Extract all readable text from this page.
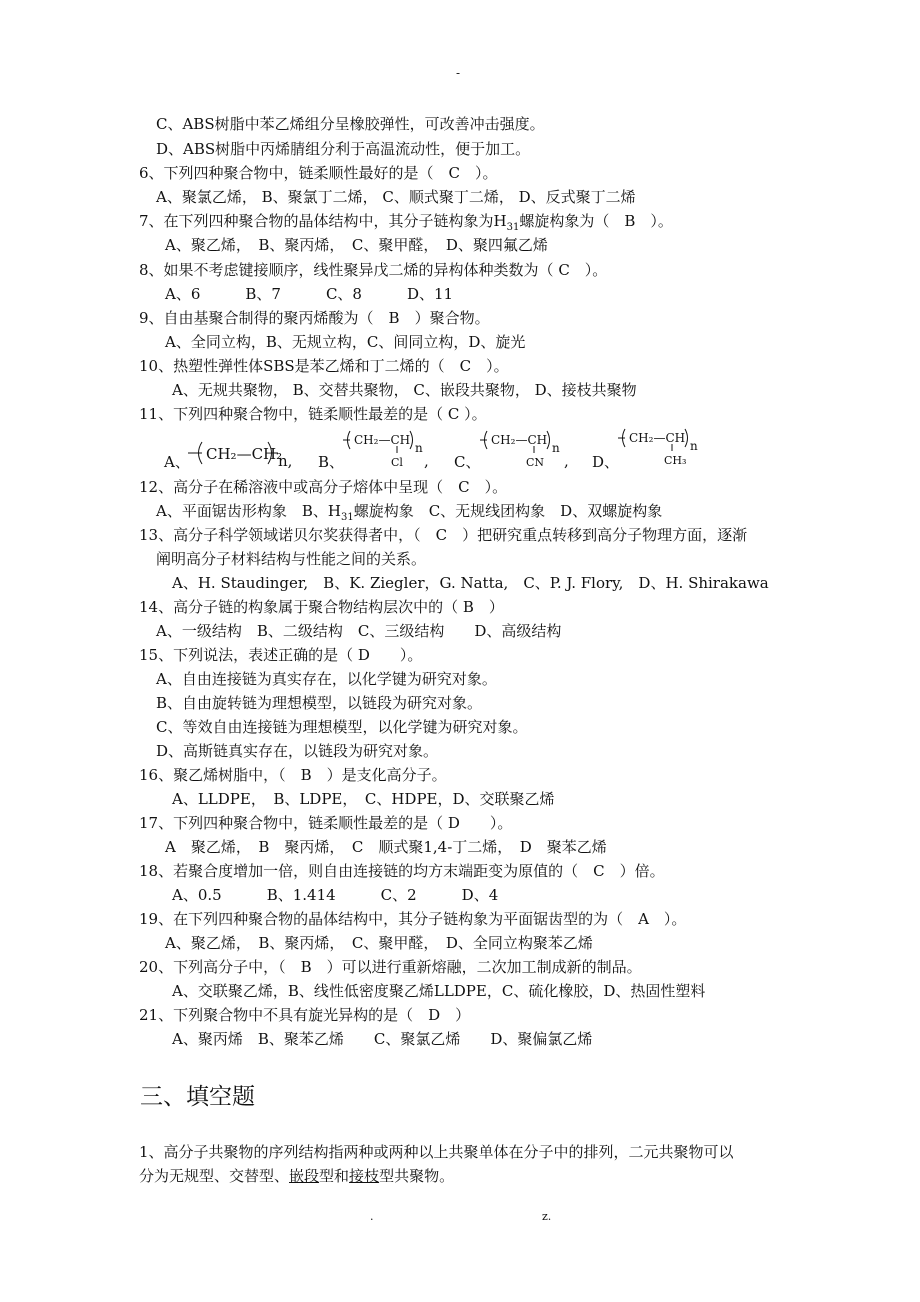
-
C、ABS树脂中苯乙烯组分呈橡胶弹性，可改善冲击强度。
D、ABS树脂中丙烯腈组分利于高温流动性，便于加工。
6、下列四种聚合物中，链柔顺性最好的是（　C　）。
A、聚氯乙烯， B、聚氯丁二烯， C、顺式聚丁二烯， D、反式聚丁二烯
7、在下列四种聚合物的晶体结构中，其分子链构象为$H_{31}$螺旋构象为（　B　）。
A、聚乙烯，　B、聚丙烯，　C、聚甲醛，　D、聚四氟乙烯
8、如果不考虑键接顺序，线性聚异戊二烯的异构体种类数为（ C　）。
A、6　　　B、7　　　C、8　　　D、11
9、自由基聚合制得的聚丙烯酸为（　B　）聚合物。
A、全同立构，B、无规立构，C、间同立构，D、旋光
10、热塑性弹性体SBS是苯乙烯和丁二烯的（　C　）。
A、无规共聚物， B、交替共聚物， C、嵌段共聚物， D、接枝共聚物
11、下列四种聚合物中，链柔顺性最差的是（ C ）。
A、 CH₂—CH₂
n, B、
CH₂—CH
n
Cl , C、
CH₂—CH
n
CN , D、
CH₂—CH
n
CH₃
12、高分子在稀溶液中或高分子熔体中呈现（　C　）。
A、平面锯齿形构象　B、$H_{31}$螺旋构象　C、无规线团构象　D、双螺旋构象
13、高分子科学领域诺贝尔奖获得者中，（　C　）把研究重点转移到高分子物理方面，逐渐
阐明高分子材料结构与性能之间的关系。
A、H. Staudinger,　B、K. Ziegler，G. Natta,　C、P. J. Flory,　D、H. Shirakawa
14、高分子链的构象属于聚合物结构层次中的（ B　）
A、一级结构　B、二级结构　C、三级结构　　D、高级结构
15、下列说法，表述正确的是（ D　　）。
A、自由连接链为真实存在，以化学键为研究对象。
B、自由旋转链为理想模型，以链段为研究对象。
C、等效自由连接链为理想模型，以化学键为研究对象。
D、高斯链真实存在，以链段为研究对象。
16、聚乙烯树脂中，（　B　）是支化高分子。
A、LLDPE，　B、LDPE，　C、HDPE，D、交联聚乙烯
17、下列四种聚合物中，链柔顺性最差的是（ D　　）。
A　聚乙烯，　B　聚丙烯，　C　顺式聚1,4-丁二烯，　D　聚苯乙烯
18、若聚合度增加一倍，则自由连接链的均方末端距变为原值的（　C　）倍。
A、0.5　　　B、1.414　　　C、2　　　D、4
19、在下列四种聚合物的晶体结构中，其分子链构象为平面锯齿型的为（　A　）。
A、聚乙烯，　B、聚丙烯，　C、聚甲醛，　D、全同立构聚苯乙烯
20、下列高分子中，（　B　）可以进行重新熔融，二次加工制成新的制品。
A、交联聚乙烯，B、线性低密度聚乙烯LLDPE，C、硫化橡胶，D、热固性塑料
21、下列聚合物中不具有旋光异构的是（　D　）
A、聚丙烯　B、聚苯乙烯　　C、聚氯乙烯　　D、聚偏氯乙烯
三、填空题
1、高分子共聚物的序列结构指两种或两种以上共聚单体在分子中的排列，二元共聚物可以
分为无规型、交替型、嵌段型和接枝型共聚物。
.	z.
